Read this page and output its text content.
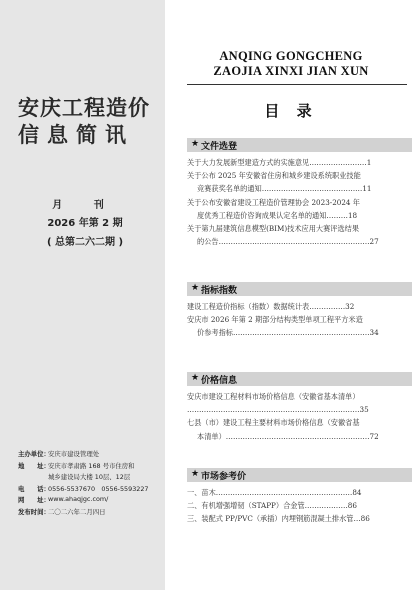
安庆工程造价
信息简讯
月 刊
2026 年第 2 期
( 总第二六二期 )
主办单位：
安庆市建设管理处
地　　址：
安庆市孝肃路 168 号市住房和
城乡建设局大楼 10层、12层
电　　话：
0556-5537670　0556-5593227
网　　址：
www.ahaqjgc.com/
发布时间：
二〇二六年二月四日
ANQING GONGCHENG
ZAOJIA XINXI JIAN XUN
目 录
★ 文件选登
关于大力发展新型建造方式的实施意见……………………1
关于公布 2025 年安徽省住房和城乡建设系统职业技能
竞赛获奖名单的通知……………………………………11
关于公布安徽省建设工程造价管理协会 2023-2024 年
度优秀工程造价咨询成果认定名单的通知………18
关于第九届建筑信息模型(BIM)技术应用大赛评选结果
的公告………………………………………………………27
★ 指标指数
建设工程造价指标（指数）数据统计表……………32
安庆市 2026 年第 2 期部分结构类型单项工程平方米造
价参考指标…………………………………………………34
★ 价格信息
安庆市建设工程材料市场价格信息（安徽省基本清单）
………………………………………………………………35
七县（市）建设工程主要材料市场价格信息（安徽省基
本清单）……………………………………………………72
★ 市场参考价
一、苗木…………………………………………………84
二、有机增强增韧（STAPP）合金管………………86
三、装配式 PP/PVC（承插）内埋钢筋混凝土排水管…86
